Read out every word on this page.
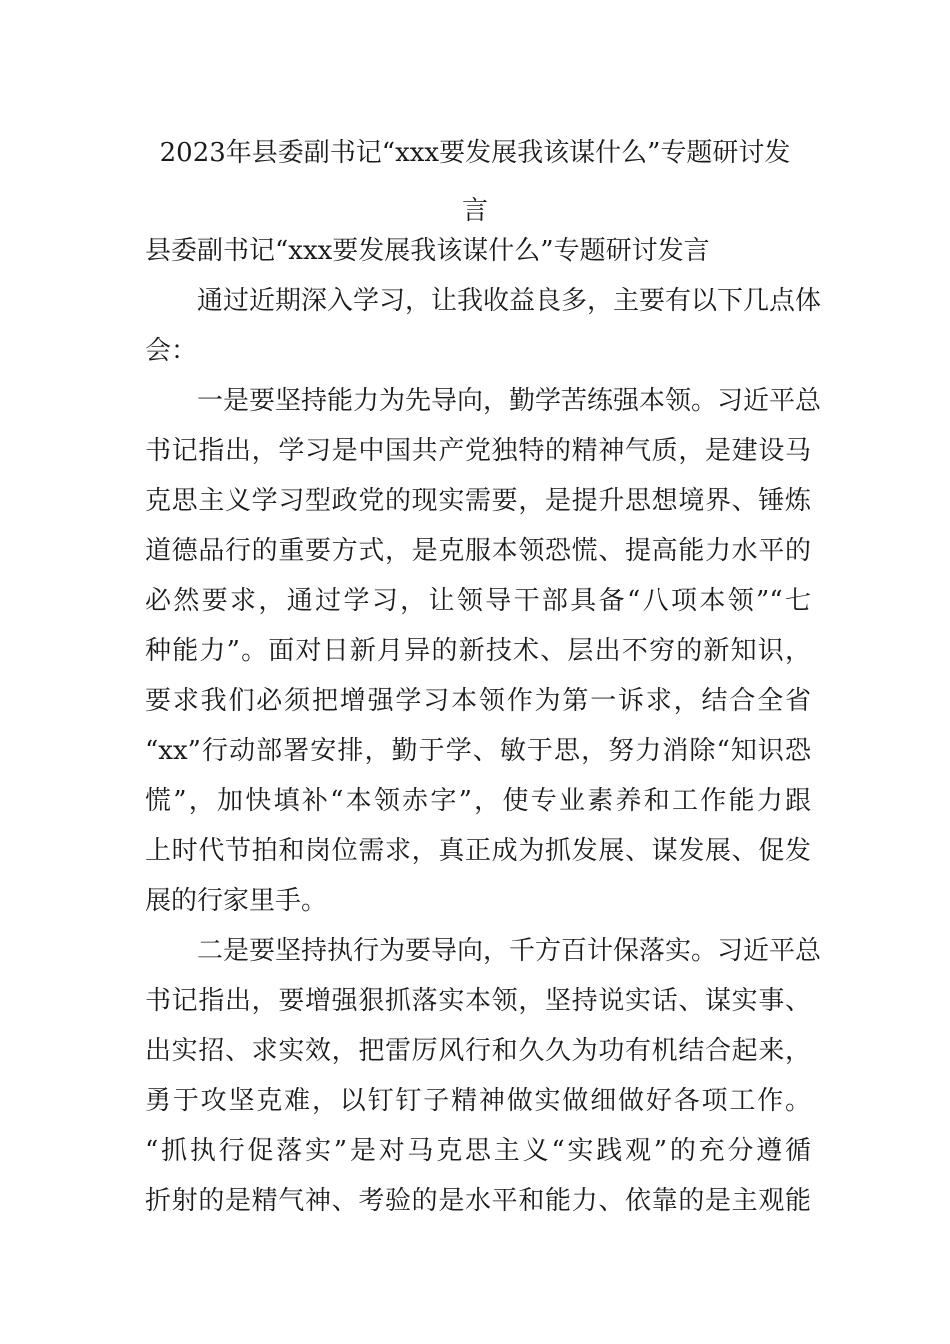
2023年县委副书记“xxx要发展我该谋什么”专题研讨发
言

县委副书记“xxx要发展我该谋什么”专题研讨发言

　　通过近期深入学习，让我收益良多，主要有以下几点体
会：

　　一是要坚持能力为先导向，勤学苦练强本领。习近平总
书记指出，学习是中国共产党独特的精神气质，是建设马
克思主义学习型政党的现实需要，是提升思想境界、锤炼
道德品行的重要方式，是克服本领恐慌、提高能力水平的
必然要求，通过学习，让领导干部具备“八项本领”“七
种能力”。面对日新月异的新技术、层出不穷的新知识，
要求我们必须把增强学习本领作为第一诉求，结合全省
“xx”行动部署安排，勤于学、敏于思，努力消除“知识恐
慌”，加快填补“本领赤字”，使专业素养和工作能力跟
上时代节拍和岗位需求，真正成为抓发展、谋发展、促发
展的行家里手。

　　二是要坚持执行为要导向，千方百计保落实。习近平总
书记指出，要增强狠抓落实本领，坚持说实话、谋实事、
出实招、求实效，把雷厉风行和久久为功有机结合起来，
勇于攻坚克难，以钉钉子精神做实做细做好各项工作。
“抓执行促落实”是对马克思主义“实践观”的充分遵循
折射的是精气神、考验的是水平和能力、依靠的是主观能
